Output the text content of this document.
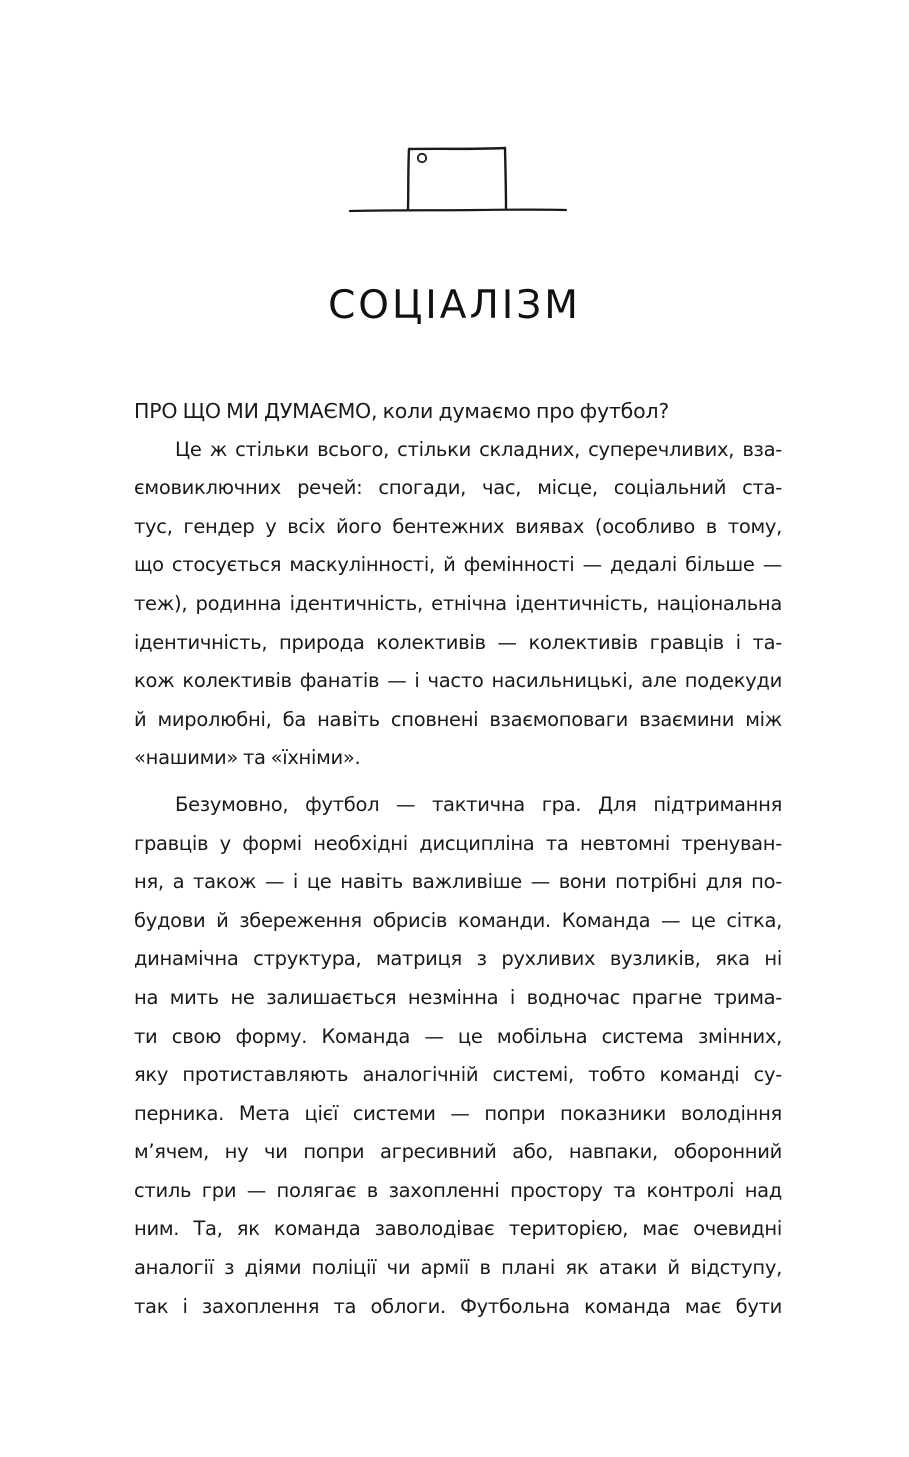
СОЦІАЛІЗМ
ПРО ЩО МИ ДУМАЄМО, коли думаємо про футбол?
Це ж стільки всього, стільки складних, суперечливих, вза-
ємовиключних речей: спогади, час, місце, соціальний ста-
тус, гендер у всіх його бентежних виявах (особливо в тому,
що стосується маскулінності, й фемінності — дедалі більше —
теж), родинна ідентичність, етнічна ідентичність, національна
ідентичність, природа колективів — колективів гравців і та-
кож колективів фанатів — і часто насильницькі, але подекуди
й миролюбні, ба навіть сповнені взаємоповаги взаємини між
«нашими» та «їхніми».
Безумовно, футбол — тактична гра. Для підтримання
гравців у формі необхідні дисципліна та невтомні тренуван-
ня, а також — і це навіть важливіше — вони потрібні для по-
будови й збереження обрисів команди. Команда — це сітка,
динамічна структура, матриця з рухливих вузликів, яка ні
на мить не залишається незмінна і водночас прагне трима-
ти свою форму. Команда — це мобільна система змінних,
яку протиставляють аналогічній системі, тобто команді су-
перника. Мета цієї системи — попри показники володіння
м’ячем, ну чи попри агресивний або, навпаки, оборонний
стиль гри — полягає в захопленні простору та контролі над
ним. Та, як команда заволодіває територією, має очевидні
аналогії з діями поліції чи армії в плані як атаки й відступу,
так і захоплення та облоги. Футбольна команда має бути
